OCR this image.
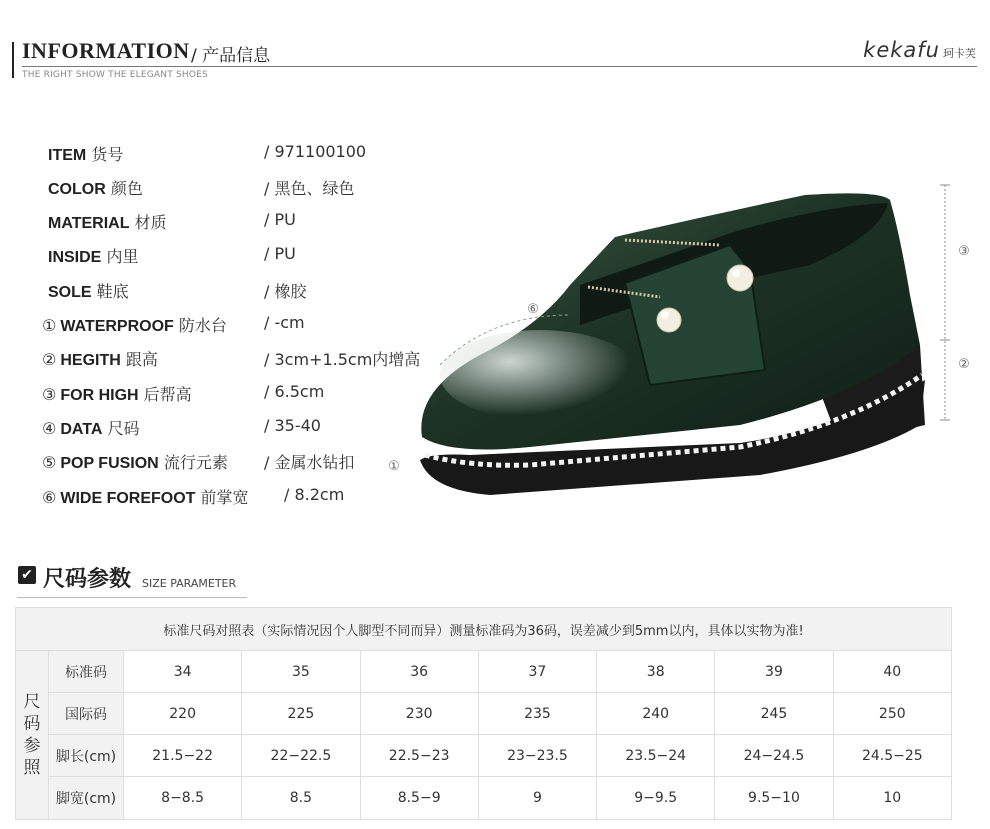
INFORMATION / 产品信息
THE RIGHT SHOW THE ELEGANT SHOES
kekafu 珂卡芙
ITEM 货号	/ 971100100
COLOR 颜色	/ 黑色、绿色
MATERIAL 材质	/ PU
INSIDE 内里	/ PU
SOLE 鞋底	/ 橡胶
① WATERPROOF 防水台 / -cm
② HEGITH 跟高	/ 3cm+1.5cm内增高
③ FOR HIGH 后帮高	/ 6.5cm
④ DATA 尺码	/ 35-40
⑤ POP FUSION 流行元素 / 金属水钻扣
⑥ WIDE FOREFOOT 前掌宽 / 8.2cm
③
②
⑥
①
✔ 尺码参数 SIZE PARAMETER
标准尺码对照表（实际情况因个人脚型不同而异）测量标准码为36码，误差减少到5mm以内，具体以实物为准!								
尺
码
参
照	标准码	34	35	36	37	38	39	40
	国际码	220	225	230	235	240	245	250
	脚长(cm)	21.5−22	22−22.5	22.5−23	23−23.5	23.5−24	24−24.5	24.5−25
	脚宽(cm)	8−8.5	8.5	8.5−9	9	9−9.5	9.5−10	10
